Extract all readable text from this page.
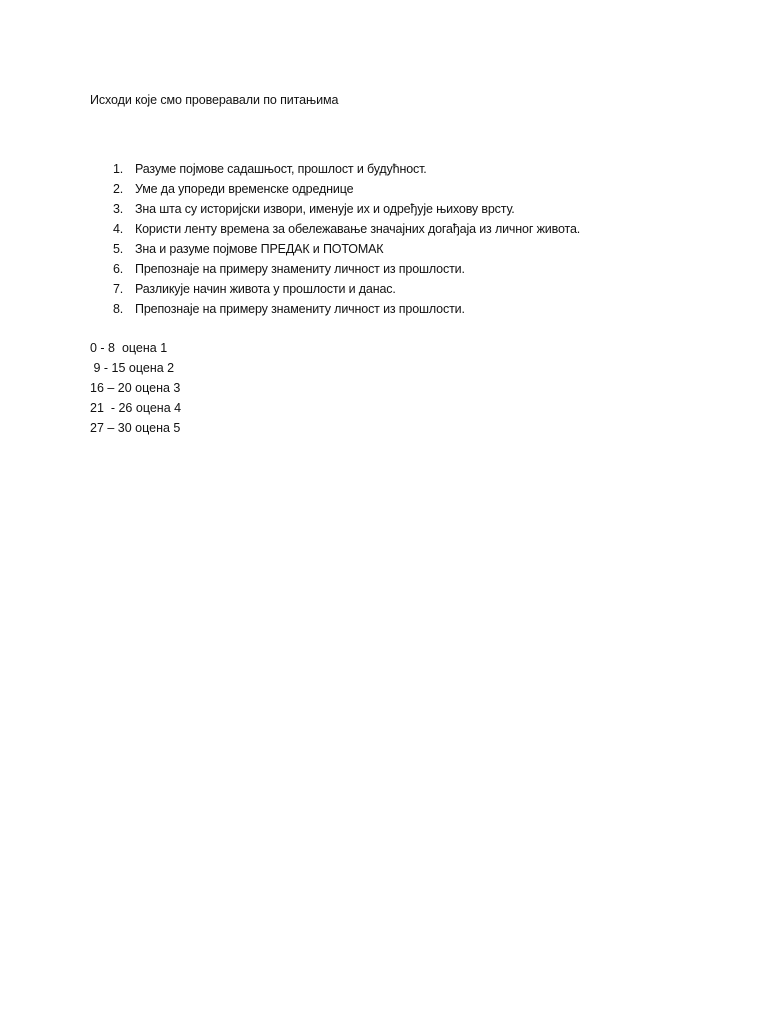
Исходи које смо проверавали по питањима
1. Разуме појмове садашњост, прошлост и будућност.
2. Уме да упореди временске одреднице
3. Зна шта су историјски извори, именује их и одређује њихову врсту.
4. Користи ленту времена за обележавање значајних догађаја из личног живота.
5. Зна и разуме појмове ПРЕДАК и ПОТОМАК
6. Препознаје на примеру знамениту личност из прошлости.
7. Разликује начин живота у прошлости и данас.
8. Препознаје на примеру знамениту личност из прошлости.
0 - 8  оцена 1
9 - 15 оцена 2
16 – 20 оцена 3
21  - 26 оцена 4
27 – 30 оцена 5
